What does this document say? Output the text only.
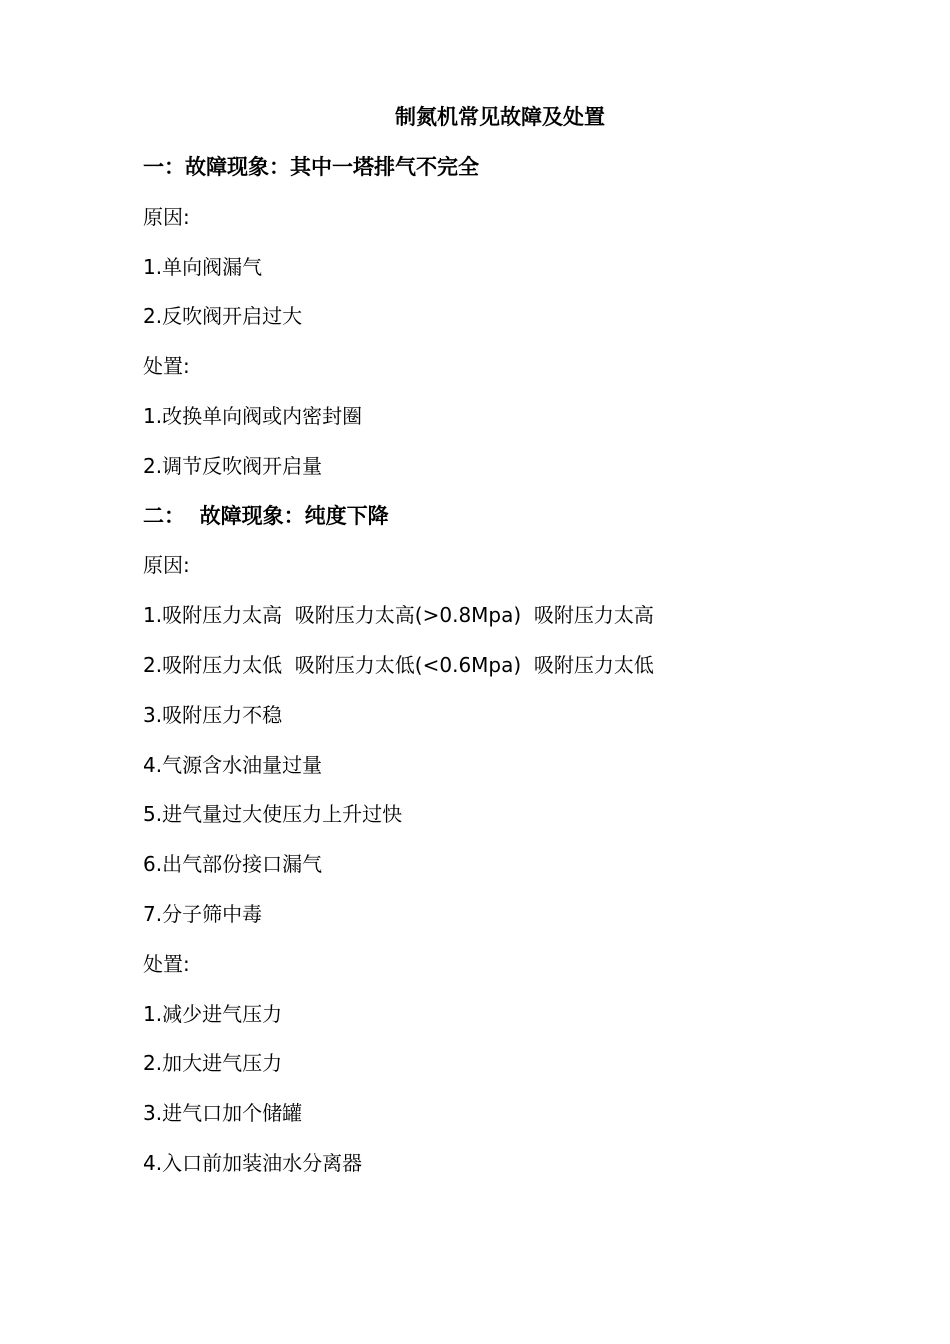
制氮机常见故障及处置
一：故障现象：其中一塔排气不完全
原因:
1.单向阀漏气
2.反吹阀开启过大
处置:
1.改换单向阀或内密封圈
2.调节反吹阀开启量
二：  故障现象：纯度下降
原因:
1.吸附压力太高  吸附压力太高(>0.8Mpa)  吸附压力太高
2.吸附压力太低  吸附压力太低(<0.6Mpa)  吸附压力太低
3.吸附压力不稳
4.气源含水油量过量
5.进气量过大使压力上升过快
6.出气部份接口漏气
7.分子筛中毒
处置:
1.减少进气压力
2.加大进气压力
3.进气口加个储罐
4.入口前加装油水分离器
